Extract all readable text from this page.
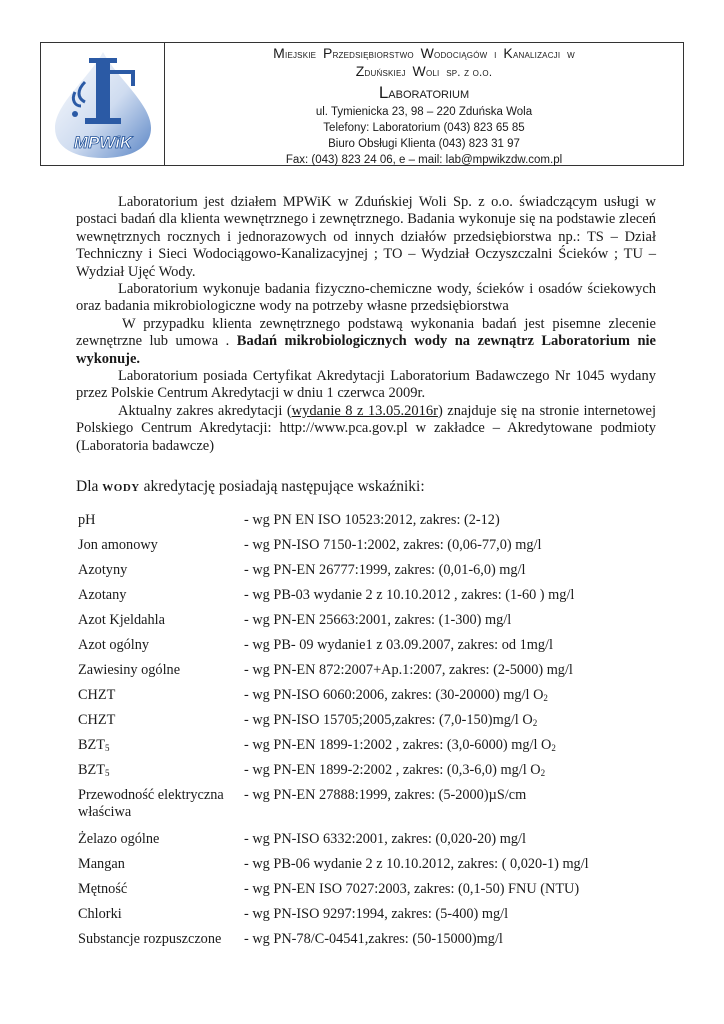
MPWiK
Miejskie Przedsiębiorstwo Wodociągów i Kanalizacji w
Zduńskiej Woli sp. z o.o.
Laboratorium
ul. Tymienicka 23, 98 – 220 Zduńska Wola
Telefony: Laboratorium (043) 823 65 85
Biuro Obsługi Klienta (043) 823 31 97
Fax: (043) 823 24 06, e – mail: lab@mpwikzdw.com.pl

Laboratorium jest działem MPWiK w Zduńskiej Woli Sp. z o.o. świadczącym usługi w postaci badań dla klienta wewnętrznego i zewnętrznego. Badania wykonuje się na podstawie zleceń wewnętrznych rocznych i jednorazowych od innych działów przedsiębiorstwa np.: TS – Dział Techniczny i Sieci Wodociągowo-Kanalizacyjnej ; TO – Wydział Oczyszczalni Ścieków ; TU – Wydział Ujęć Wody.

Laboratorium wykonuje badania fizyczno-chemiczne wody, ścieków i osadów ściekowych oraz badania mikrobiologiczne wody na potrzeby własne przedsiębiorstwa

W przypadku klienta zewnętrznego podstawą wykonania badań jest pisemne zlecenie zewnętrzne lub umowa . Badań mikrobiologicznych wody na zewnątrz Laboratorium nie wykonuje.

Laboratorium posiada Certyfikat Akredytacji Laboratorium Badawczego Nr 1045 wydany przez Polskie Centrum Akredytacji w dniu 1 czerwca 2009r.

Aktualny zakres akredytacji (wydanie 8 z 13.05.2016r) znajduje się na stronie internetowej Polskiego Centrum Akredytacji: http://www.pca.gov.pl w zakładce – Akredytowane podmioty (Laboratoria badawcze)

Dla WODY akredytację posiadają następujące wskaźniki:
pH	- wg PN EN ISO 10523:2012, zakres: (2-12)
Jon amonowy	- wg PN-ISO 7150-1:2002, zakres: (0,06-77,0) mg/l
Azotyny	- wg PN-EN 26777:1999, zakres: (0,01-6,0) mg/l
Azotany	- wg PB-03 wydanie 2 z 10.10.2012 , zakres: (1-60 ) mg/l
Azot Kjeldahla	- wg PN-EN 25663:2001, zakres: (1-300) mg/l
Azot ogólny	- wg PB- 09 wydanie1 z 03.09.2007, zakres: od 1mg/l
Zawiesiny ogólne	- wg PN-EN 872:2007+Ap.1:2007, zakres: (2-5000) mg/l
CHZT	- wg PN-ISO 6060:2006, zakres: (30-20000) mg/l $O_2$
CHZT	- wg PN-ISO 15705;2005,zakres: (7,0-150)mg/l $O_2$
$BZT_5$	- wg PN-EN 1899-1:2002 , zakres: (3,0-6000) mg/l $O_2$
$BZT_5$	- wg PN-EN 1899-2:2002 , zakres: (0,3-6,0) mg/l $O_2$
Przewodność elektryczna właściwa	- wg PN-EN 27888:1999, zakres: (5-2000)µS/cm
Żelazo ogólne	- wg PN-ISO 6332:2001, zakres: (0,020-20) mg/l
Mangan	- wg PB-06 wydanie 2 z 10.10.2012, zakres: ( 0,020-1) mg/l
Mętność	- wg PN-EN ISO 7027:2003, zakres: (0,1-50) FNU (NTU)
Chlorki	- wg PN-ISO 9297:1994, zakres: (5-400) mg/l
Substancje rozpuszczone	- wg PN-78/C-04541,zakres: (50-15000)mg/l
